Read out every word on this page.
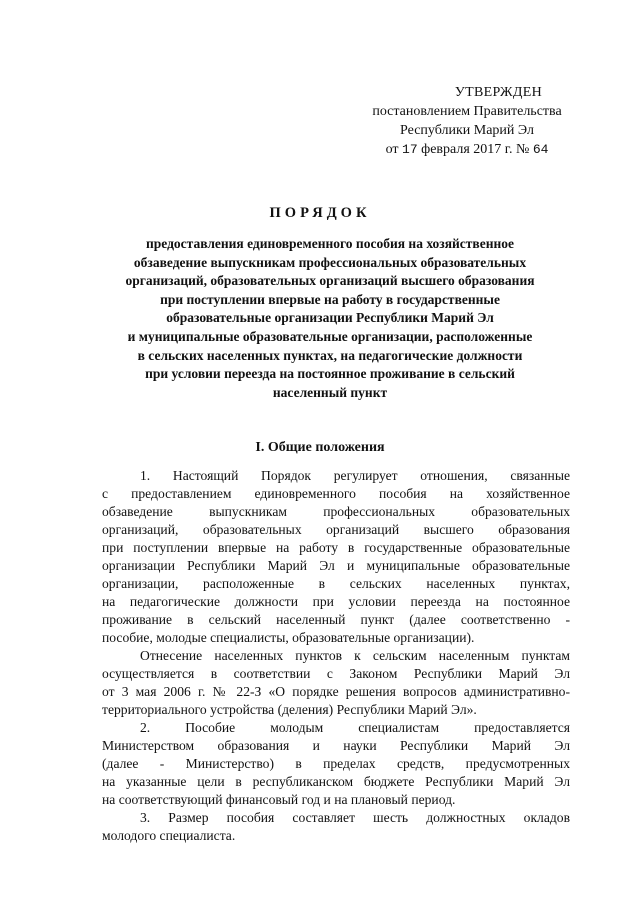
УТВЕРЖДЕН
постановлением Правительства
Республики Марий Эл
от 17 февраля 2017 г. № 64
ПОРЯДОК
предоставления единовременного пособия на хозяйственное
обзаведение выпускникам профессиональных образовательных
организаций, образовательных организаций высшего образования
при поступлении впервые на работу в государственные
образовательные организации Республики Марий Эл
и муниципальные образовательные организации, расположенные
в сельских населенных пунктах, на педагогические должности
при условии переезда на постоянное проживание в сельский
населенный пункт
I. Общие положения
1. Настоящий Порядок регулирует отношения, связанные
с предоставлением единовременного пособия на хозяйственное
обзаведение выпускникам профессиональных образовательных
организаций, образовательных организаций высшего образования
при поступлении впервые на работу в государственные образовательные
организации Республики Марий Эл и муниципальные образовательные
организации, расположенные в сельских населенных пунктах,
на педагогические должности при условии переезда на постоянное
проживание в сельский населенный пункт (далее соответственно -
пособие, молодые специалисты, образовательные организации).
Отнесение населенных пунктов к сельским населенным пунктам
осуществляется в соответствии с Законом Республики Марий Эл
от 3 мая 2006 г. № 22-З «О порядке решения вопросов административно-
территориального устройства (деления) Республики Марий Эл».
2. Пособие молодым специалистам предоставляется
Министерством образования и науки Республики Марий Эл
(далее - Министерство) в пределах средств, предусмотренных
на указанные цели в республиканском бюджете Республики Марий Эл
на соответствующий финансовый год и на плановый период.
3. Размер пособия составляет шесть должностных окладов
молодого специалиста.
